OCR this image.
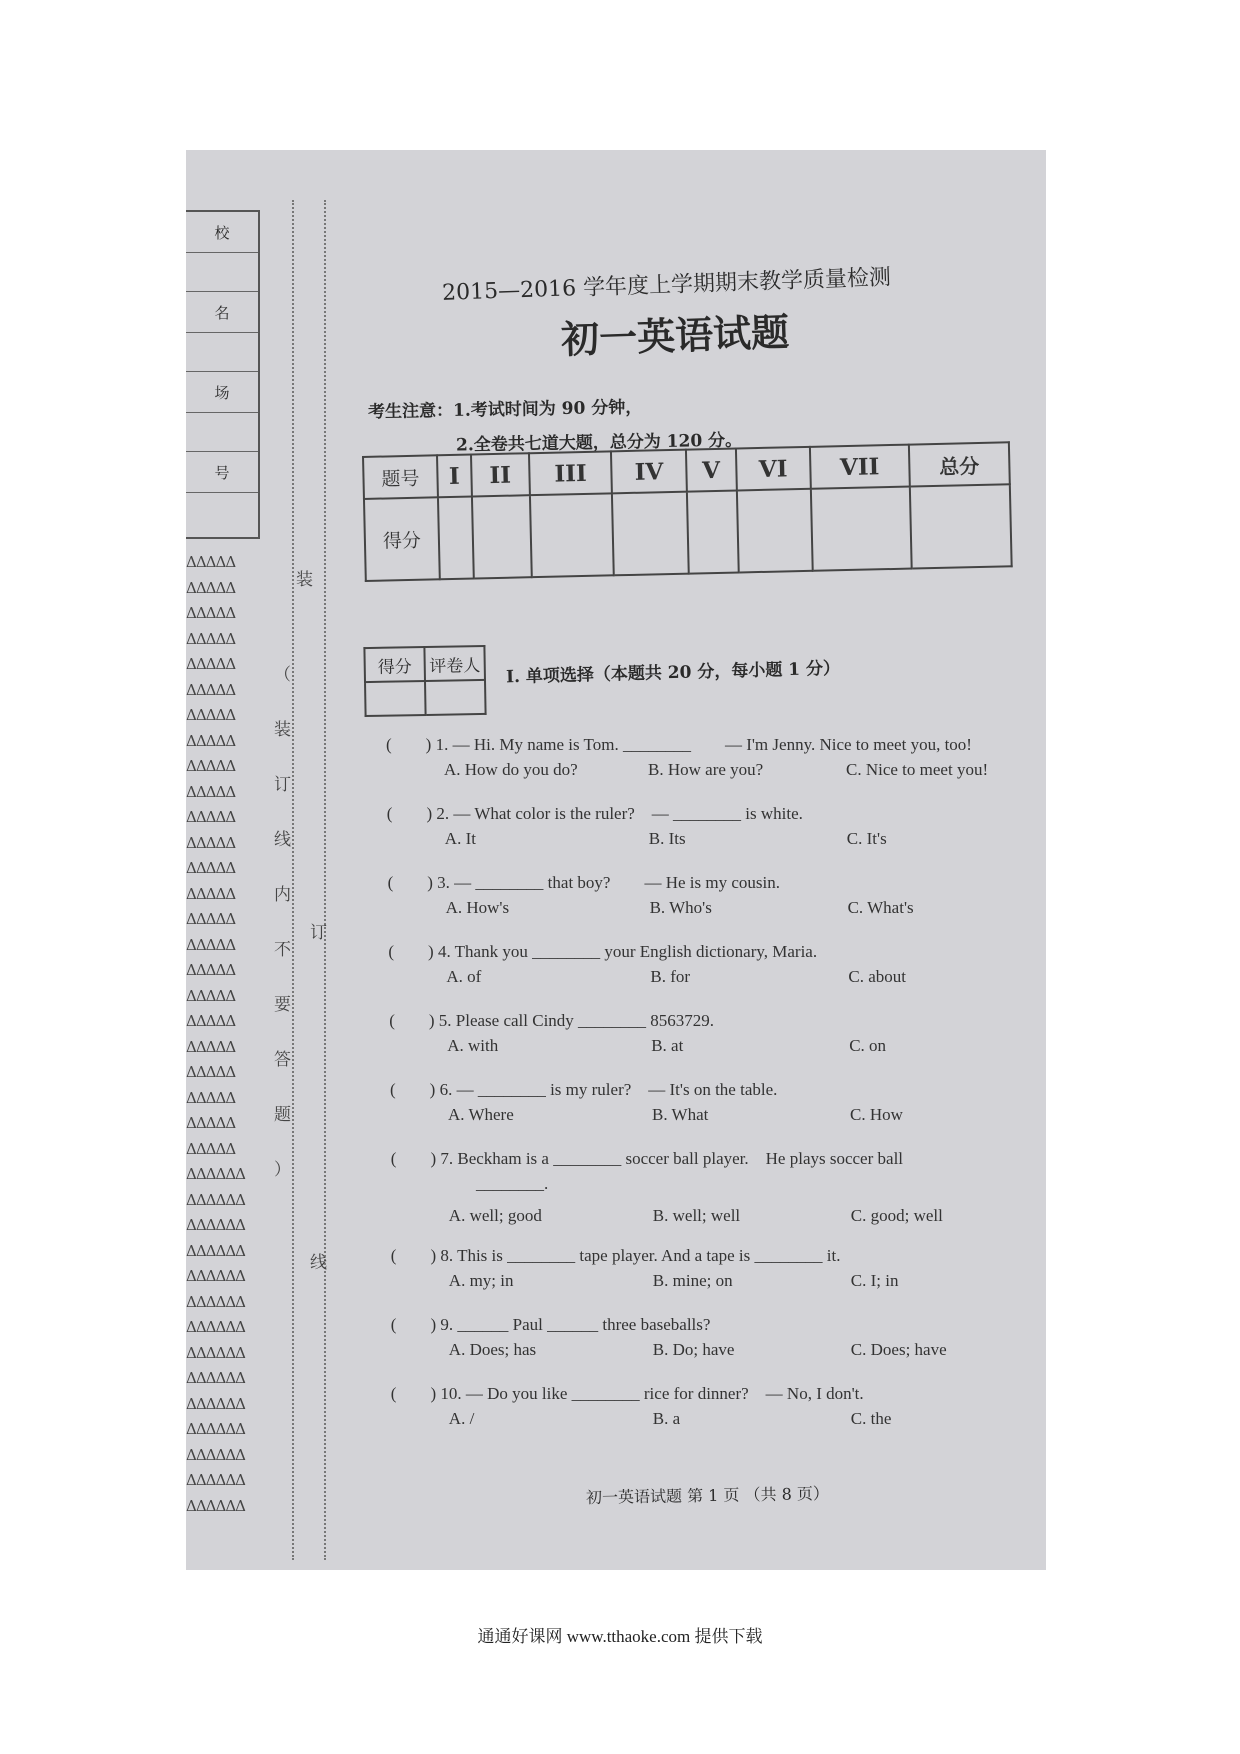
校
名
场
号
ΔΔΔΔΔ
ΔΔΔΔΔ
ΔΔΔΔΔ
ΔΔΔΔΔ
ΔΔΔΔΔ
ΔΔΔΔΔ
ΔΔΔΔΔ
ΔΔΔΔΔ
ΔΔΔΔΔ
ΔΔΔΔΔ
ΔΔΔΔΔ
ΔΔΔΔΔ
ΔΔΔΔΔ
ΔΔΔΔΔ
ΔΔΔΔΔ
ΔΔΔΔΔ
ΔΔΔΔΔ
ΔΔΔΔΔ
ΔΔΔΔΔ
ΔΔΔΔΔ
ΔΔΔΔΔ
ΔΔΔΔΔ
ΔΔΔΔΔ
ΔΔΔΔΔ
ΔΔΔΔΔΔ
ΔΔΔΔΔΔ
ΔΔΔΔΔΔ
ΔΔΔΔΔΔ
ΔΔΔΔΔΔ
ΔΔΔΔΔΔ
ΔΔΔΔΔΔ
ΔΔΔΔΔΔ
ΔΔΔΔΔΔ
ΔΔΔΔΔΔ
ΔΔΔΔΔΔ
ΔΔΔΔΔΔ
ΔΔΔΔΔΔ
ΔΔΔΔΔΔ
装
订
线
（
装
订
线
内
不
要
答
题
）
2015—2016 学年度上学期期末教学质量检测
初一英语试题
考生注意：1.考试时间为 90 分钟，
2.全卷共七道大题，总分为 120 分。
题号	I	II	III	IV	V	VI	VII	总分
得分								
得分	评卷人
	I. 单项选择（本题共 20 分，每小题 1 分）
(　　) 1. — Hi. My name is Tom. ________　　— I'm Jenny. Nice to meet you, too!
A. How do you do?	B. How are you?	C. Nice to meet you!
(　　) 2. — What color is the ruler?　— ________ is white.
A. It	B. Its	C. It's
(　　) 3. — ________ that boy?　　— He is my cousin.
A. How's	B. Who's	C. What's
(　　) 4. Thank you ________ your English dictionary, Maria.
A. of	B. for	C. about
(　　) 5. Please call Cindy ________ 8563729.
A. with	B. at	C. on
(　　) 6. — ________ is my ruler?　— It's on the table.
A. Where	B. What	C. How
(　　) 7. Beckham is a ________ soccer ball player.　He plays soccer ball
A. well; good	B. well; well	C. good; well
________.
(　　) 8. This is ________ tape player. And a tape is ________ it.
A. my; in	B. mine; on	C. I; in
(　　) 9. ______ Paul ______ three baseballs?
A. Does; has	B. Do; have	C. Does; have
(　　) 10. — Do you like ________ rice for dinner?　— No, I don't.
A. /	B. a	C. the
初一英语试题 第 1 页 （共 8 页）
通通好课网 www.tthaoke.com 提供下载
